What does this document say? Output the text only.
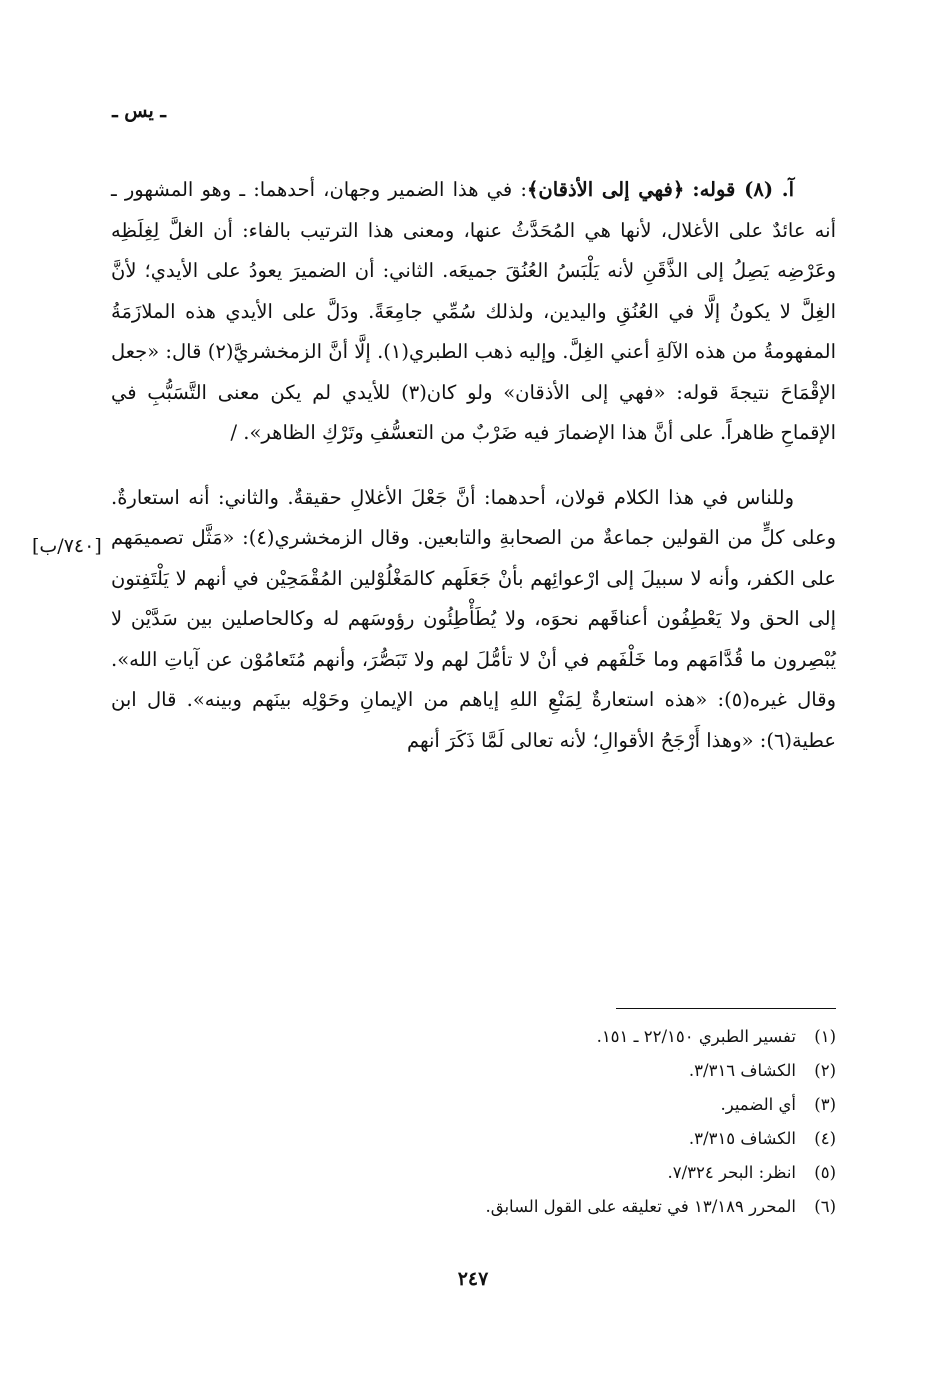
ـ يس ـ

آ. (٨) قوله: ﴿فهي إلى الأذقان﴾: في هذا الضمير وجهان، أحدهما: ـ وهو المشهور ـ أنه عائدٌ على الأغلال، لأنها هي المُحَدَّثُ عنها، ومعنى هذا الترتيب بالفاء: أن الغلَّ لِغِلَظِه وعَرْضِه يَصِلُ إلى الذَّقَنِ لأنه يَلْبَسُ العُنُقَ جميعَه. الثاني: أن الضميرَ يعودُ على الأيدي؛ لأنَّ الغِلَّ لا يكونُ إلَّا في العُنُقِ واليدين، ولذلك سُمِّي جامِعَةً. ودَلَّ على الأيدي هذه الملازَمَةُ المفهومةُ من هذه الآلةِ أعني الغِلَّ. وإليه ذهب الطبري(١). إلَّا أنَّ الزمخشريَّ(٢) قال: «جعل الإقْمَاحَ نتيجةَ قوله: «فهي إلى الأذقان» ولو كان(٣) للأيدي لم يكن معنى التَّسَبُّبِ في الإقماحِ ظاهراً. على أنَّ هذا الإضمارَ فيه ضَرْبٌ من التعسُّفِ وتَرْكِ الظاهر». /

وللناس في هذا الكلام قولان، أحدهما: أنَّ جَعْلَ الأغلالِ حقيقةٌ. والثاني: أنه استعارةٌ. وعلى كلٍّ من القولين جماعةٌ من الصحابةِ والتابعين. وقال الزمخشري(٤): «مَثَّل تصميمَهم على الكفر، وأنه لا سبيلَ إلى ارْعوائِهم بأنْ جَعَلَهم كالمَغْلُوْلين المُقْمَحِيْن في أنهم لا يَلْتَفِتون إلى الحق ولا يَعْطِفُون أعناقَهم نحوَه، ولا يُطَأْطِئُون رؤوسَهم له وكالحاصلين بين سَدَّيْن لا يُبْصِرون ما قُدَّامَهم وما خَلْفَهم في أنْ لا تأمُّلَ لهم ولا تَبَصُّرَ، وأنهم مُتَعامُوْن عن آياتِ الله». وقال غيره(٥): «هذه استعارةٌ لِمَنْعِ اللهِ إياهم من الإيمانِ وحَوْلِه بينَهم وبينه». قال ابن عطية(٦): «وهذا أَرْجَحُ الأقوالِ؛ لأنه تعالى لَمَّا ذَكَرَ أنهم

[٧٤٠/ب]
(١)تفسير الطبري ٢٢/١٥٠ ـ ١٥١.
(٢)الكشاف ٣/٣١٦.
(٣)أي الضمير.
(٤)الكشاف ٣/٣١٥.
(٥)انظر: البحر ٧/٣٢٤.
(٦)المحرر ١٣/١٨٩ في تعليقه على القول السابق.
٢٤٧
